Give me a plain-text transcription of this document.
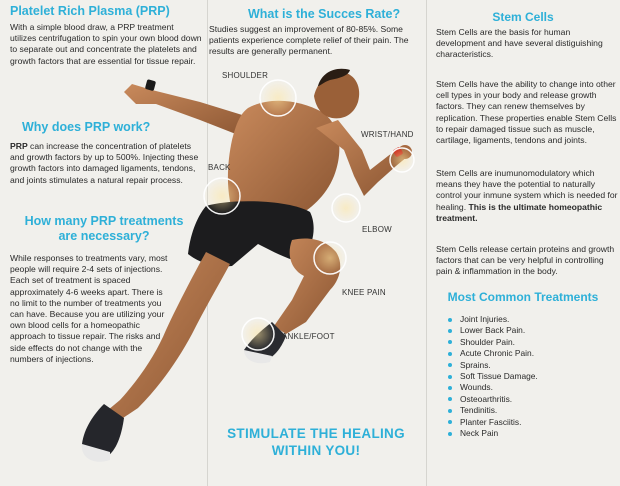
Platelet Rich Plasma (PRP)

With a simple blood draw, a PRP treatment utilizes centrifugation to spin your own blood down to separate out and concentrate the platelets and growth factors that are essential for tissue repair.

Why does PRP work?

PRP can increase the concentration of platelets and growth factors by up to 500%. Injecting these growth factors into damaged ligaments, tendons, and joints stimulates a natural repair process.

How many PRP treatments
are necessary?

While responses to treatments vary, most people will require 2-4 sets of injections. Each set of treatment is spaced approximately 4-6 weeks apart. There is no limit to the number of treatments you can have. Because you are utilizing your own blood cells for a homeopathic approach to tissue repair. The risks and side effects do not change with the numbers of injections.

What is the Succes Rate?

Studies suggest an improvement of 80-85%. Some patients experience complete relief of their pain. The results are generally permanent.

SHOULDER
WRIST/HAND
BACK
ELBOW
KNEE PAIN
ANKLE/FOOT
STIMULATE THE HEALING
WITHIN YOU!
Stem Cells

Stem Cells are the basis for human development and have several distiguishing characteristics.

Stem Cells have the ability to change into other cell types in your body and release growth factors. They can renew themselves by replication. These properties enable Stem Cells to repair damaged tissue such as muscle, cartilage, ligaments, tendons and joints.

Stem Cells are inumunomodulatory which means they have the potential to naturally control your inmune system which is needed for healing. This is the ultimate homeopathic treatment.

Stem Cells release certain proteins and growth factors that can be very helpful in controlling pain & inflammation in the body.

Most Common Treatments
Joint Injuries.
Lower Back Pain.
Shoulder Pain.
Acute Chronic Pain.
Sprains.
Soft Tissue Damage.
Wounds.
Osteoarthritis.
Tendinitis.
Planter Fasciitis.
Neck Pain
